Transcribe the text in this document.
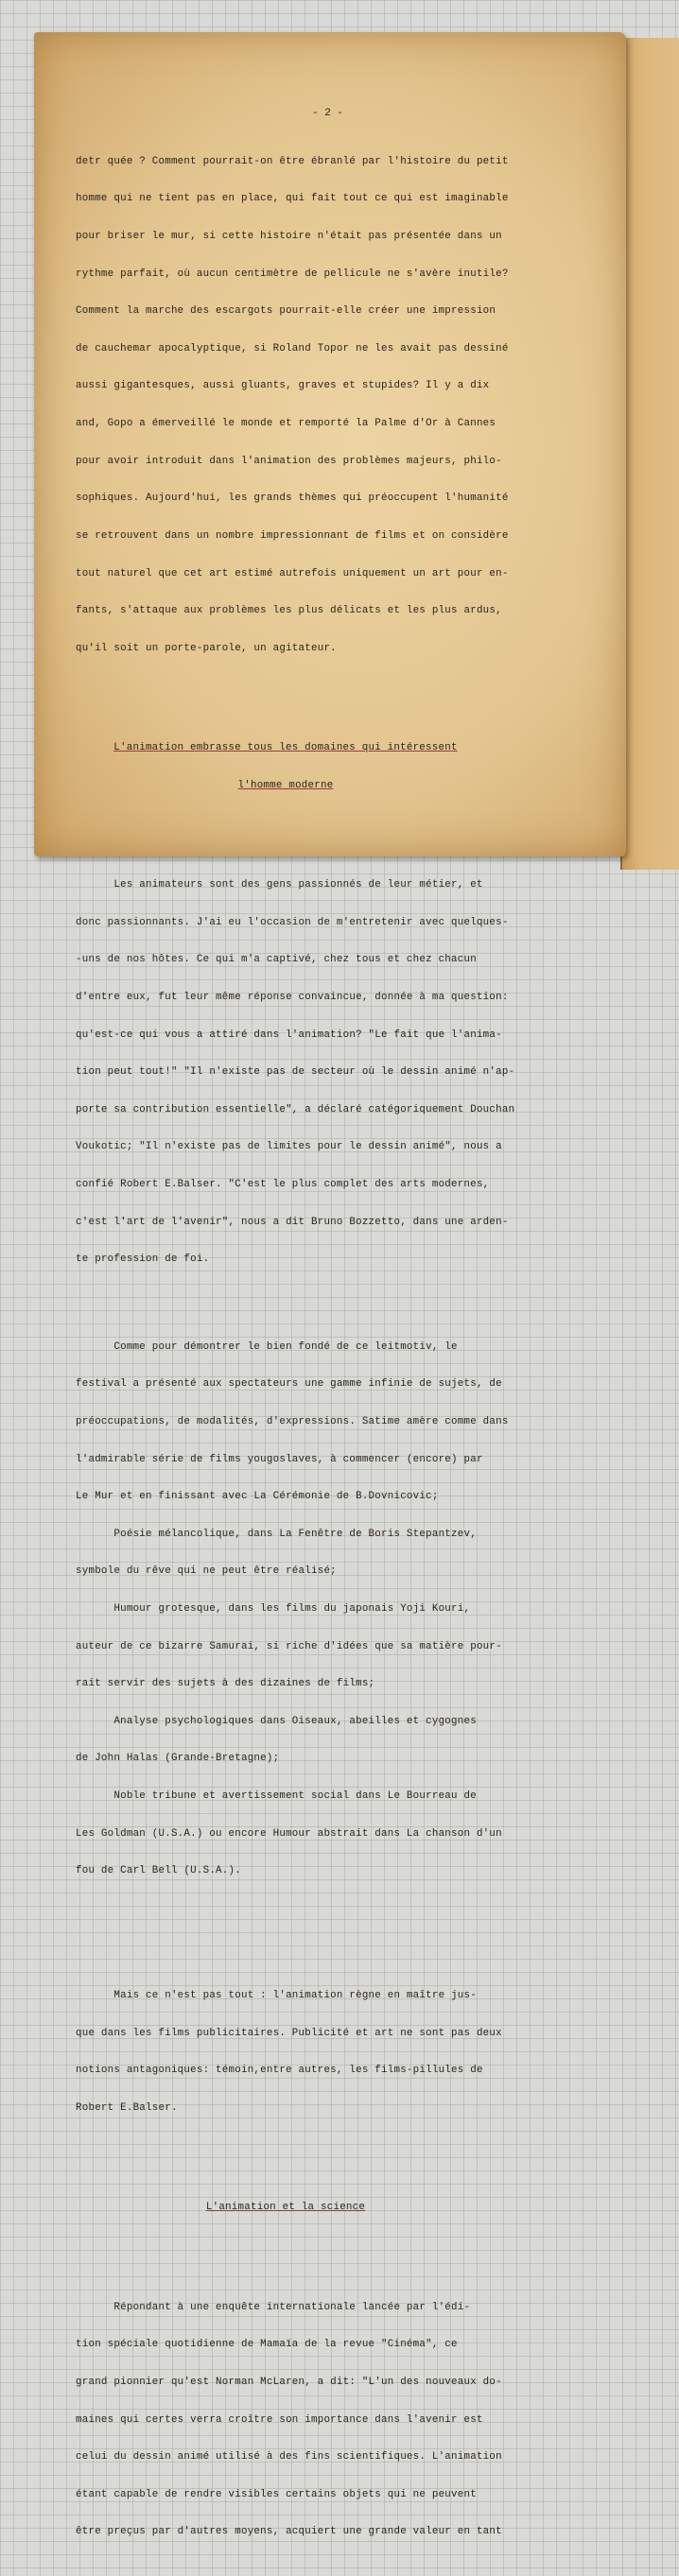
- 2 -

detr quée ? Comment pourrait-on être ébranlé par l'histoire du petit

homme qui ne tient pas en place, qui fait tout ce qui est imaginable

pour briser le mur, si cette histoire n'était pas présentée dans un

rythme parfait, où aucun centimètre de pellicule ne s'avère inutile?

Comment la marche des escargots pourrait-elle créer une impression

de cauchemar apocalyptique, si Roland Topor ne les avait pas dessiné

aussi gigantesques, aussi gluants, graves et stupides? Il y a dix

and, Gopo a émerveillé le monde et remporté la Palme d'Or à Cannes

pour avoir introduit dans l'animation des problèmes majeurs, philo-

sophiques. Aujourd'hui, les grands thèmes qui préoccupent l'humanité

se retrouvent dans un nombre impressionnant de films et on considère

tout naturel que cet art estimé autrefois uniquement un art pour en-

fants, s'attaque aux problèmes les plus délicats et les plus ardus,

qu'il soit un porte-parole, un agitateur.

L'animation embrasse tous les domaines qui intéressent

l'homme moderne

Les animateurs sont des gens passionnés de leur métier, et

donc passionnants. J'ai eu l'occasion de m'entretenir avec quelques-

-uns de nos hôtes. Ce qui m'a captivé, chez tous et chez chacun

d'entre eux, fut leur même réponse convaincue, donnée à ma question:

qu'est-ce qui vous a attiré dans l'animation? "Le fait que l'anima-

tion peut tout!" "Il n'existe pas de secteur où le dessin animé n'ap-

porte sa contribution essentielle", a déclaré catégoriquement Douchan

Voukotic; "Il n'existe pas de limites pour le dessin animé", nous a

confié Robert E.Balser. "C'est le plus complet des arts modernes,

c'est l'art de l'avenir", nous a dit Bruno Bozzetto, dans une arden-

te profession de foi.

Comme pour démontrer le bien fondé de ce leitmotiv, le

festival a présenté aux spectateurs une gamme infinie de sujets, de

préoccupations, de modalités, d'expressions. Satime amère comme dans

l'admirable série de films yougoslaves, à commencer (encore) par

Le Mur et en finissant avec La Cérémonie de B.Dovnicovic;

Poésie mélancolique, dans La Fenêtre de Boris Stepantzev,

symbole du rêve qui ne peut être réalisé;

Humour grotesque, dans les films du japonais Yoji Kouri,

auteur de ce bizarre Samurai, si riche d'idées que sa matière pour-

rait servir des sujets à des dizaines de films;

Analyse psychologiques dans Oiseaux, abeilles et cygognes

de John Halas (Grande-Bretagne);

Noble tribune et avertissement social dans Le Bourreau de

Les Goldman (U.S.A.) ou encore Humour abstrait dans La chanson d'un

fou de Carl Bell (U.S.A.).

Mais ce n'est pas tout : l'animation règne en maître jus-

que dans les films publicitaires. Publicité et art ne sont pas deux

notions antagoniques: témoin,entre autres, les films-pillules de

Robert E.Balser.

L'animation et la science

Répondant à une enquête internationale lancée par l'édi-

tion spéciale quotidienne de Mamaïa de la revue "Cinéma", ce

grand pionnier qu'est Norman McLaren, a dit: "L'un des nouveaux do-

maines qui certes verra croître son importance dans l'avenir est

celui du dessin animé utilisé à des fins scientifiques. L'animation

étant capable de rendre visibles certains objets qui ne peuvent

être preçus par d'autres moyens, acquiert une grande valeur en tant
